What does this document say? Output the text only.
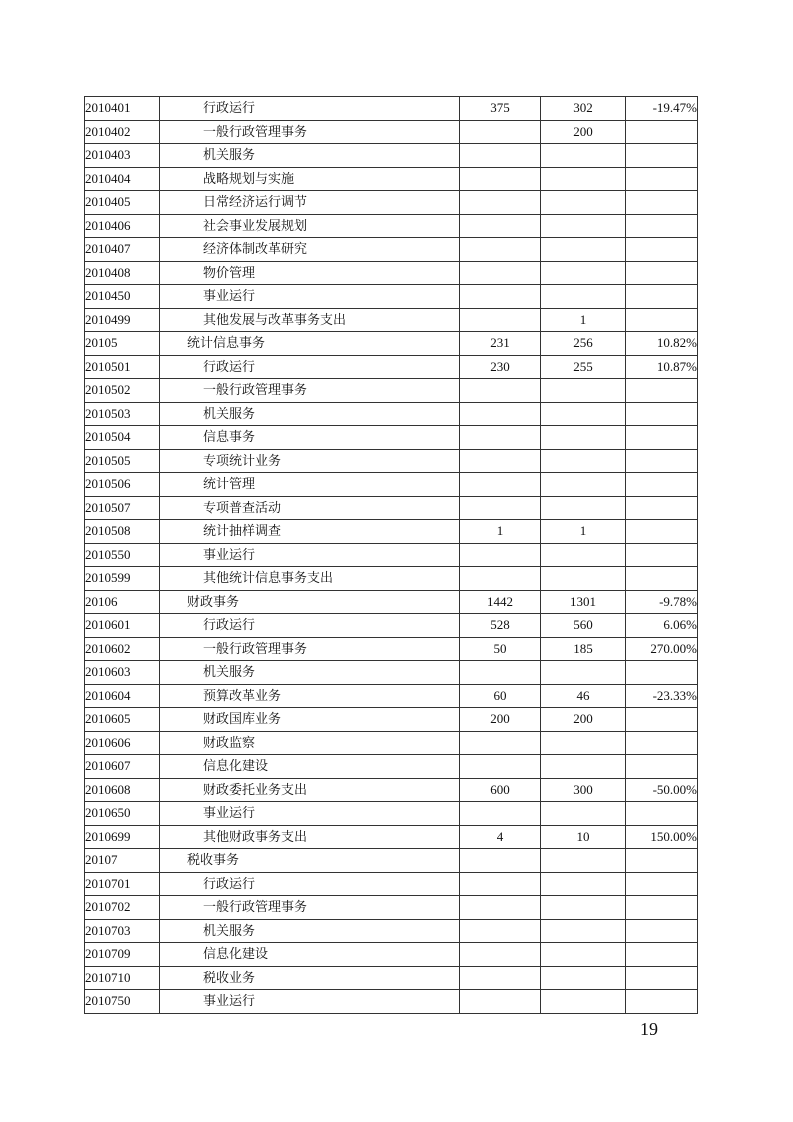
2010401	行政运行	375	302	-19.47%
2010402	一般行政管理事务		200	
2010403	机关服务			
2010404	战略规划与实施			
2010405	日常经济运行调节			
2010406	社会事业发展规划			
2010407	经济体制改革研究			
2010408	物价管理			
2010450	事业运行			
2010499	其他发展与改革事务支出		1	
20105	统计信息事务	231	256	10.82%
2010501	行政运行	230	255	10.87%
2010502	一般行政管理事务			
2010503	机关服务			
2010504	信息事务			
2010505	专项统计业务			
2010506	统计管理			
2010507	专项普查活动			
2010508	统计抽样调查	1	1	
2010550	事业运行			
2010599	其他统计信息事务支出			
20106	财政事务	1442	1301	-9.78%
2010601	行政运行	528	560	6.06%
2010602	一般行政管理事务	50	185	270.00%
2010603	机关服务			
2010604	预算改革业务	60	46	-23.33%
2010605	财政国库业务	200	200	
2010606	财政监察			
2010607	信息化建设			
2010608	财政委托业务支出	600	300	-50.00%
2010650	事业运行			
2010699	其他财政事务支出	4	10	150.00%
20107	税收事务			
2010701	行政运行			
2010702	一般行政管理事务			
2010703	机关服务			
2010709	信息化建设			
2010710	税收业务			
2010750	事业运行			
19
